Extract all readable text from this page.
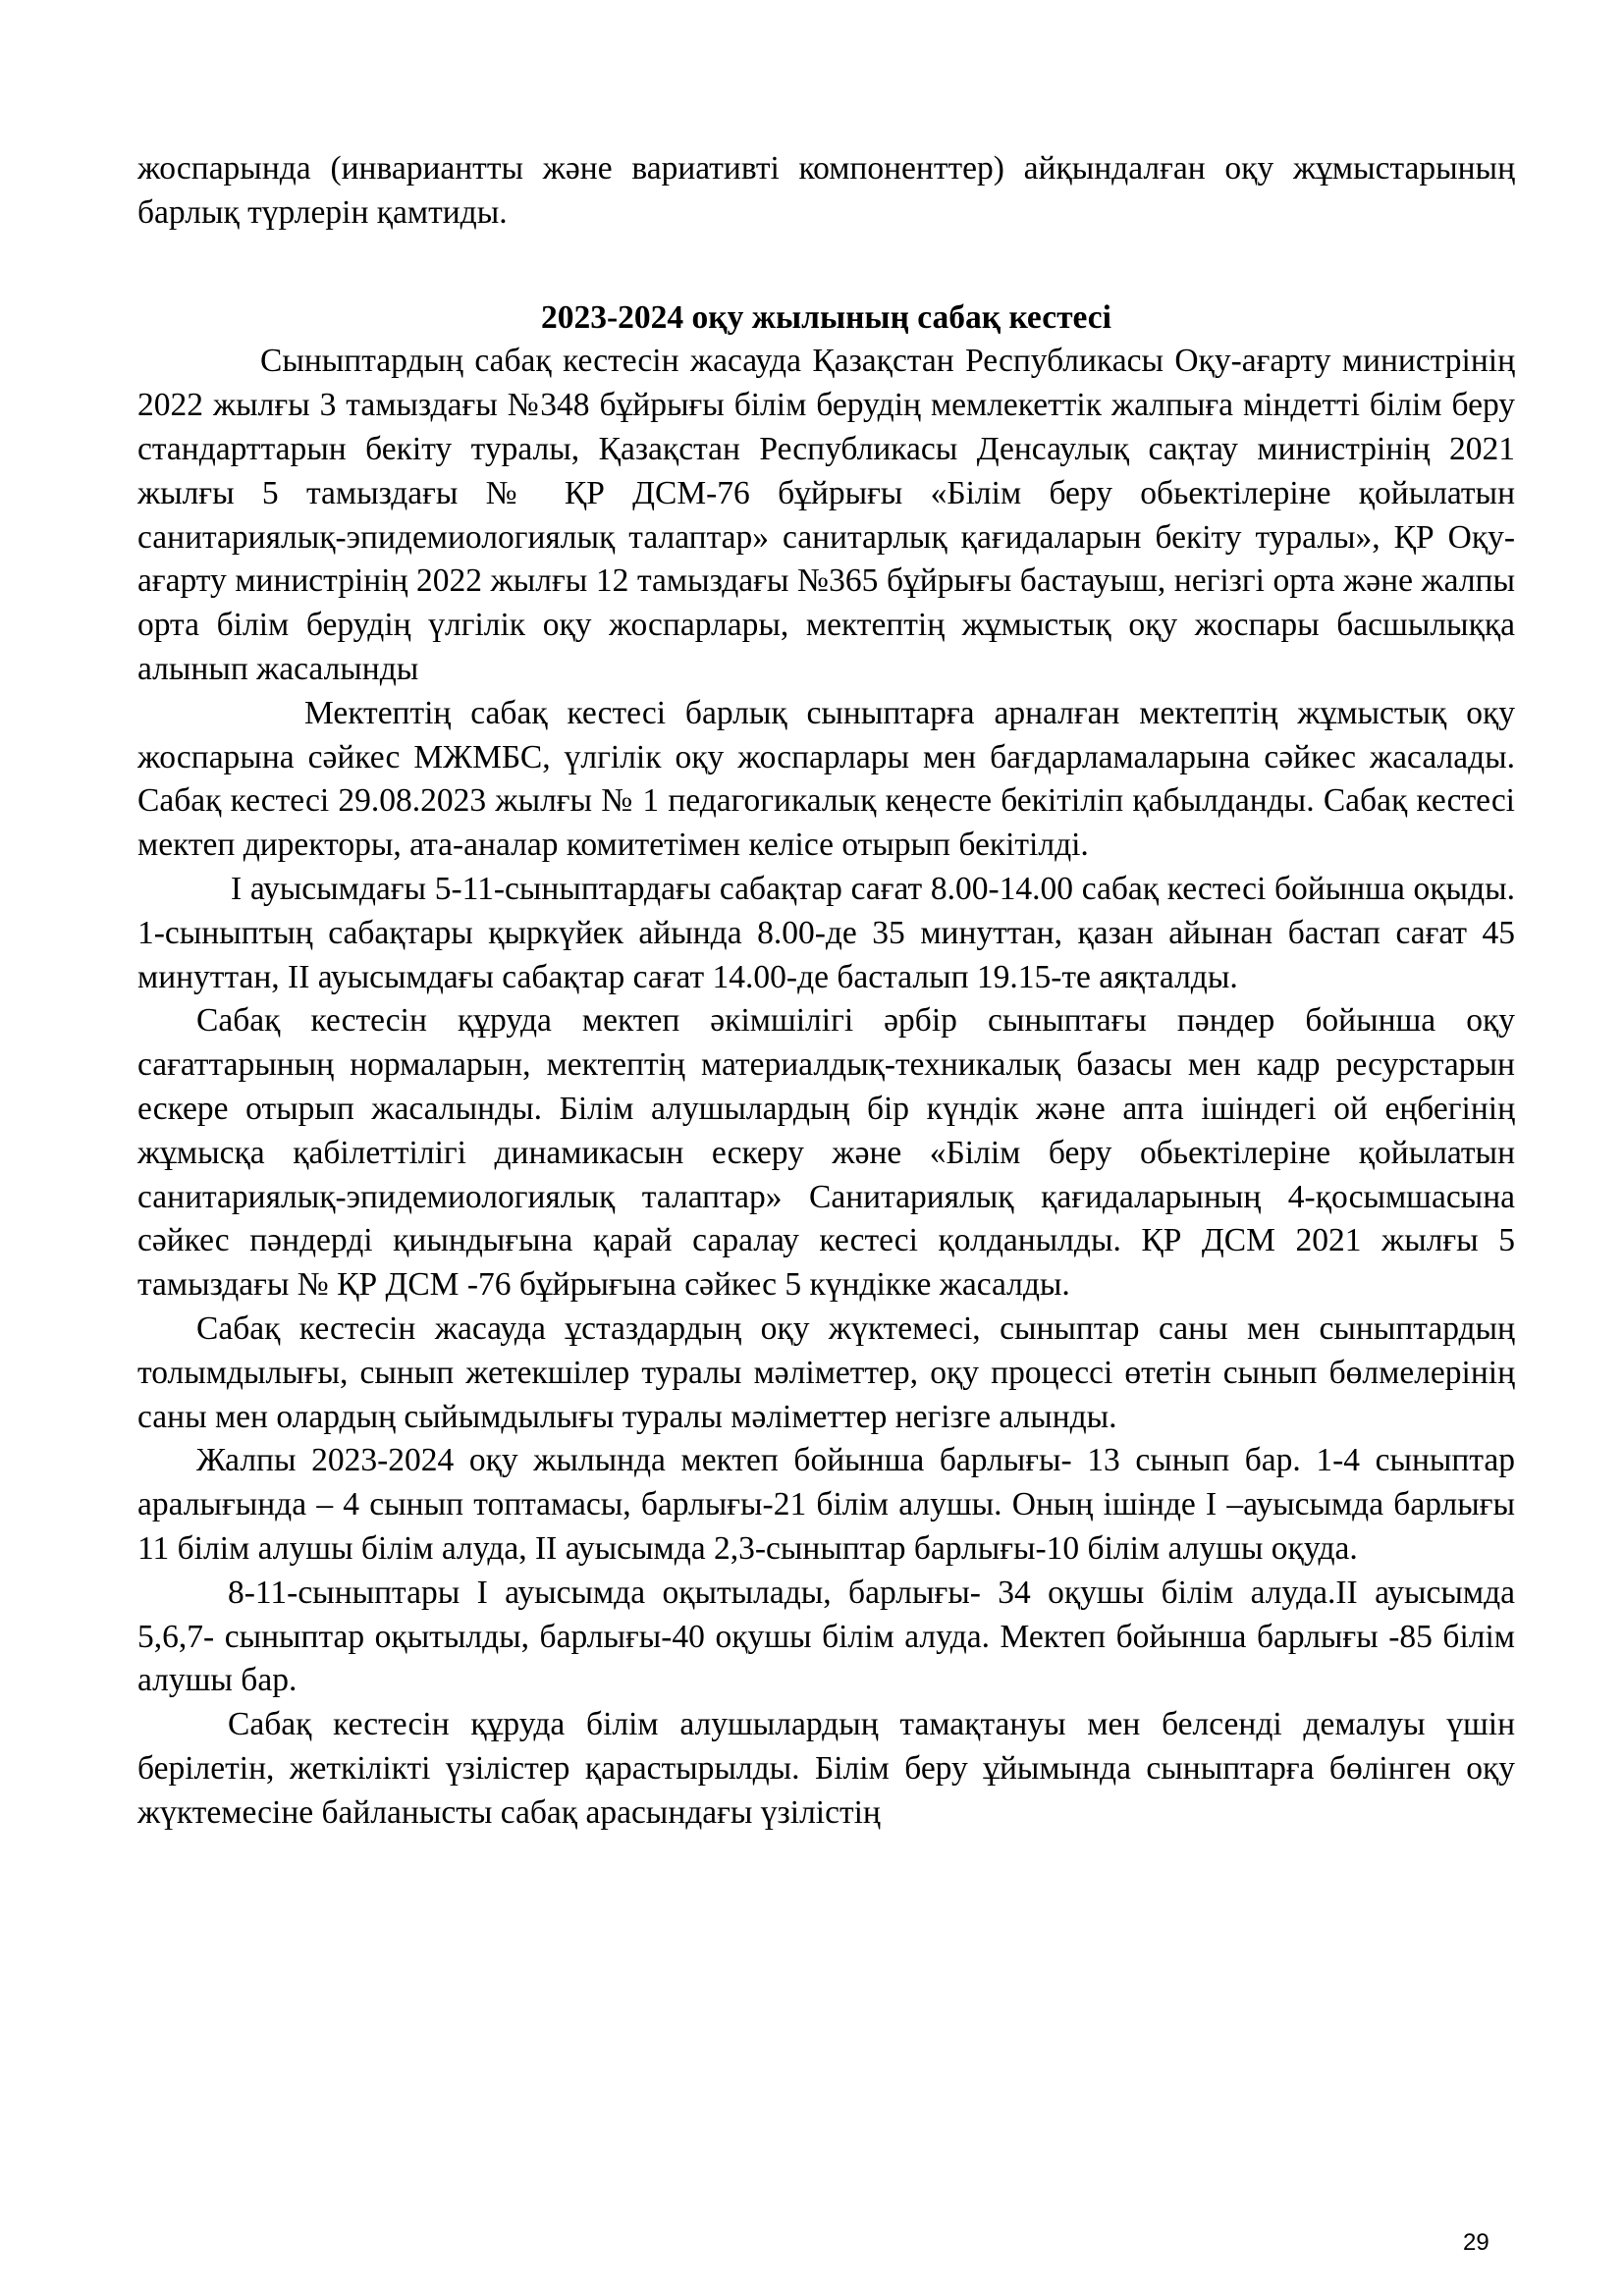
жоспарында (инвариантты және вариативті компоненттер) айқындалған оқу жұмыстарының барлық түрлерін қамтиды.

2023-2024 оқу жылының сабақ кестесі

Сыныптардың сабақ кестесін жасауда Қазақстан Республикасы Оқу-ағарту министрінің 2022 жылғы 3 тамыздағы №348 бұйрығы білім берудің мемлекеттік жалпыға міндетті білім беру стандарттарын бекіту туралы, Қазақстан Республикасы Денсаулық сақтау министрінің 2021 жылғы 5 тамыздағы № ҚР ДСМ-76 бұйрығы «Білім беру обьектілеріне қойылатын санитариялық-эпидемиологиялық талаптар» санитарлық қағидаларын бекіту туралы», ҚР Оқу-ағарту министрінің 2022 жылғы 12 тамыздағы №365 бұйрығы бастауыш, негізгі орта және жалпы орта білім берудің үлгілік оқу жоспарлары, мектептің жұмыстық оқу жоспары басшылыққа алынып жасалынды

Мектептің сабақ кестесі барлық сыныптарға арналған мектептің жұмыстық оқу жоспарына сәйкес МЖМБС, үлгілік оқу жоспарлары мен бағдарламаларына сәйкес жасалады. Сабақ кестесі 29.08.2023 жылғы № 1 педагогикалық кеңесте бекітіліп қабылданды. Сабақ кестесі мектеп директоры, ата-аналар комитетімен келісе отырып бекітілді.

I ауысымдағы 5-11-сыныптардағы сабақтар сағат 8.00-14.00 сабақ кестесі бойынша оқыды. 1-сыныптың сабақтары қыркүйек айында 8.00-де 35 минуттан, қазан айынан бастап сағат 45 минуттан, II ауысымдағы сабақтар сағат 14.00-де басталып 19.15-те аяқталды.

Сабақ кестесін құруда мектеп әкімшілігі әрбір сыныптағы пәндер бойынша оқу сағаттарының нормаларын, мектептің материалдық-техникалық базасы мен кадр ресурстарын ескере отырып жасалынды. Білім алушылардың бір күндік және апта ішіндегі ой еңбегінің жұмысқа қабілеттілігі динамикасын ескеру және «Білім беру обьектілеріне қойылатын санитариялық-эпидемиологиялық талаптар» Санитариялық қағидаларының 4-қосымшасына сәйкес пәндерді қиындығына қарай саралау кестесі қолданылды. ҚР ДСМ 2021 жылғы 5 тамыздағы № ҚР ДСМ -76 бұйрығына сәйкес 5 күндікке жасалды.

Сабақ кестесін жасауда ұстаздардың оқу жүктемесі, сыныптар саны мен сыныптардың толымдылығы, сынып жетекшілер туралы мәліметтер, оқу процессі өтетін сынып бөлмелерінің саны мен олардың сыйымдылығы туралы мәліметтер негізге алынды.

Жалпы 2023-2024 оқу жылында мектеп бойынша барлығы- 13 сынып бар. 1-4 сыныптар аралығында – 4 сынып топтамасы, барлығы-21 білім алушы. Оның ішінде I –ауысымда барлығы 11 білім алушы білім алуда, II ауысымда 2,3-сыныптар барлығы-10 білім алушы оқуда.

8-11-сыныптары I ауысымда оқытылады, барлығы- 34 оқушы білім алуда.II ауысымда 5,6,7- сыныптар оқытылды, барлығы-40 оқушы білім алуда. Мектеп бойынша барлығы -85 білім алушы бар.

Сабақ кестесін құруда білім алушылардың тамақтануы мен белсенді демалуы үшін берілетін, жеткілікті үзілістер қарастырылды. Білім беру ұйымында сыныптарға бөлінген оқу жүктемесіне байланысты сабақ арасындағы үзілістің

29
